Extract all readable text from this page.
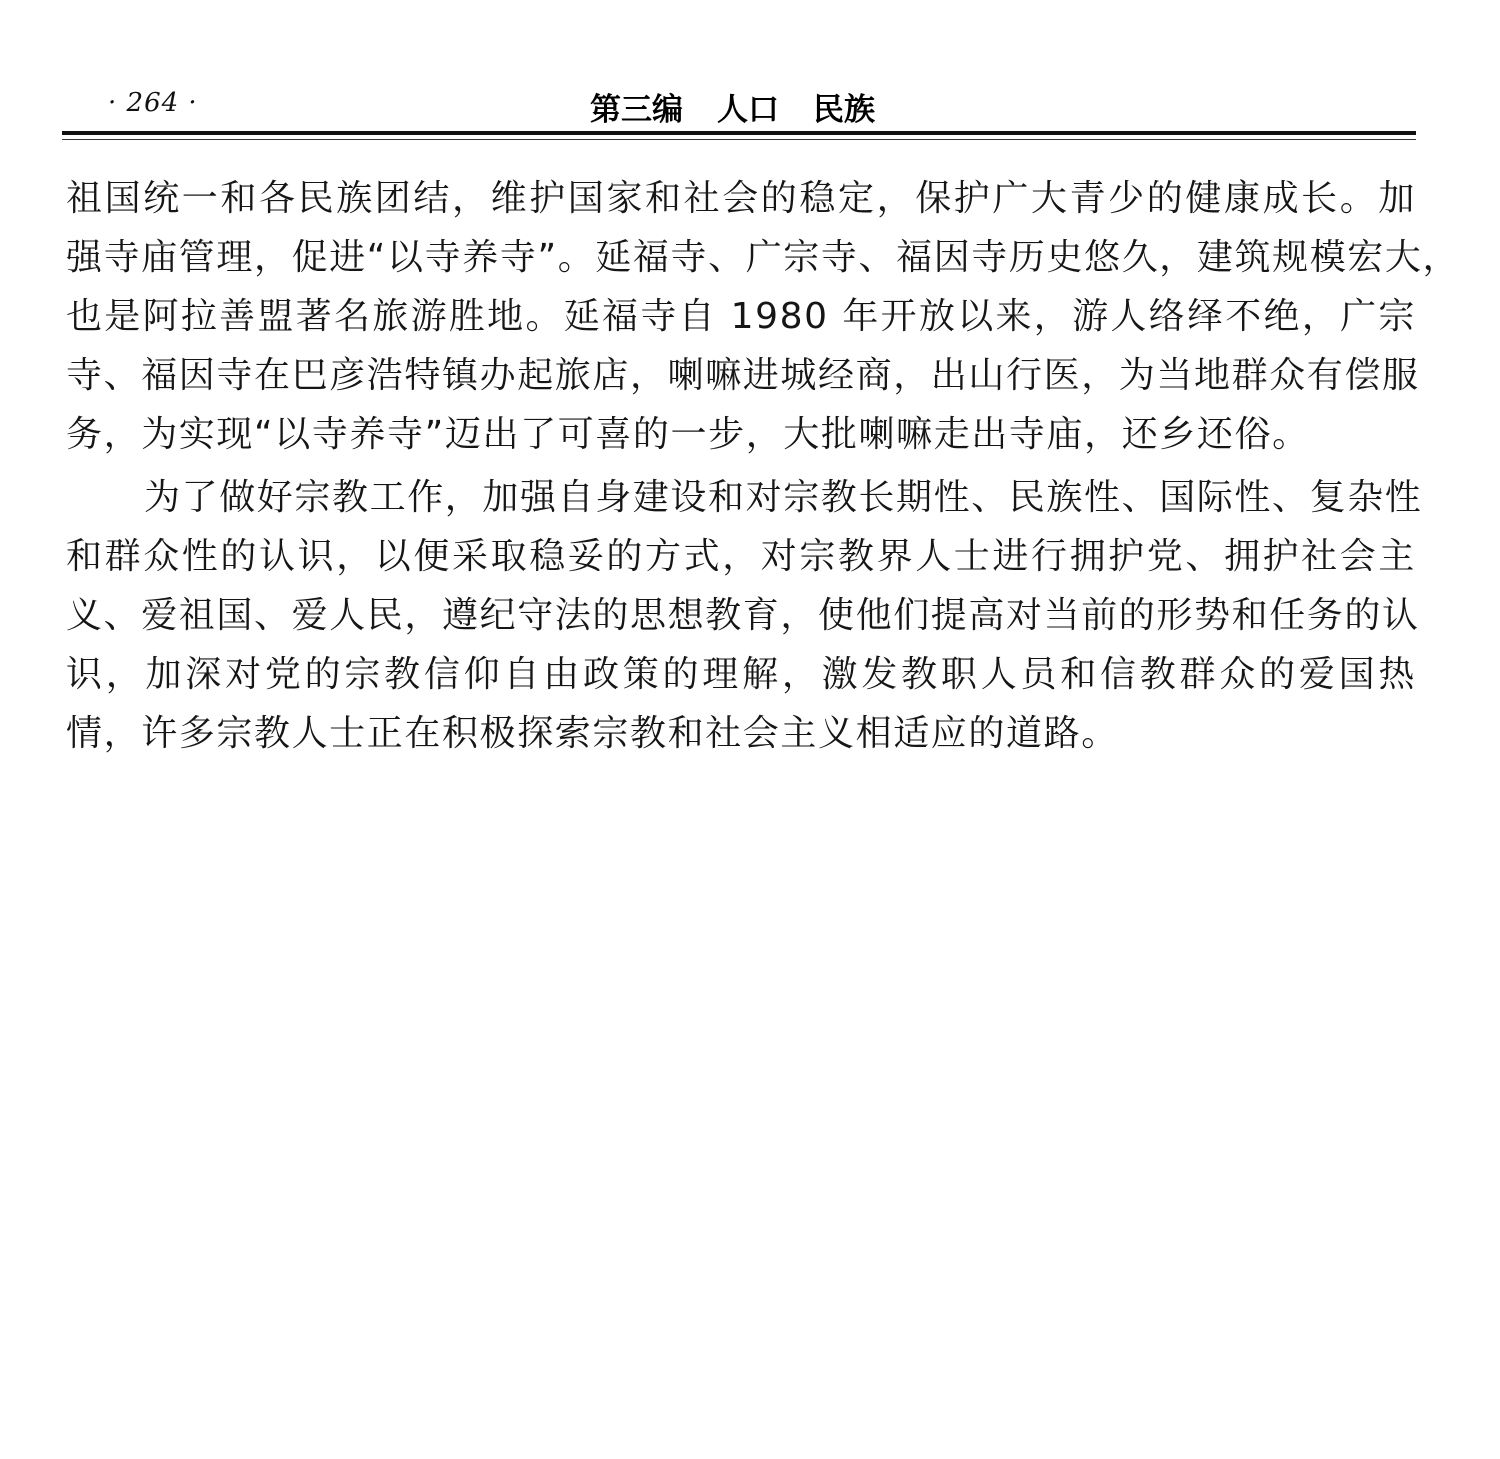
· 264 ·	第三编 人口 民族
祖国统一和各民族团结，维护国家和社会的稳定，保护广大青少的健康成长。加
强寺庙管理，促进“以寺养寺”。延福寺、广宗寺、福因寺历史悠久，建筑规模宏大，
也是阿拉善盟著名旅游胜地。延福寺自 1980 年开放以来，游人络绎不绝，广宗
寺、福因寺在巴彦浩特镇办起旅店，喇嘛进城经商，出山行医，为当地群众有偿服
务，为实现“以寺养寺”迈出了可喜的一步，大批喇嘛走出寺庙，还乡还俗。
为了做好宗教工作，加强自身建设和对宗教长期性、民族性、国际性、复杂性
和群众性的认识，以便采取稳妥的方式，对宗教界人士进行拥护党、拥护社会主
义、爱祖国、爱人民，遵纪守法的思想教育，使他们提高对当前的形势和任务的认
识，加深对党的宗教信仰自由政策的理解，激发教职人员和信教群众的爱国热
情，许多宗教人士正在积极探索宗教和社会主义相适应的道路。
